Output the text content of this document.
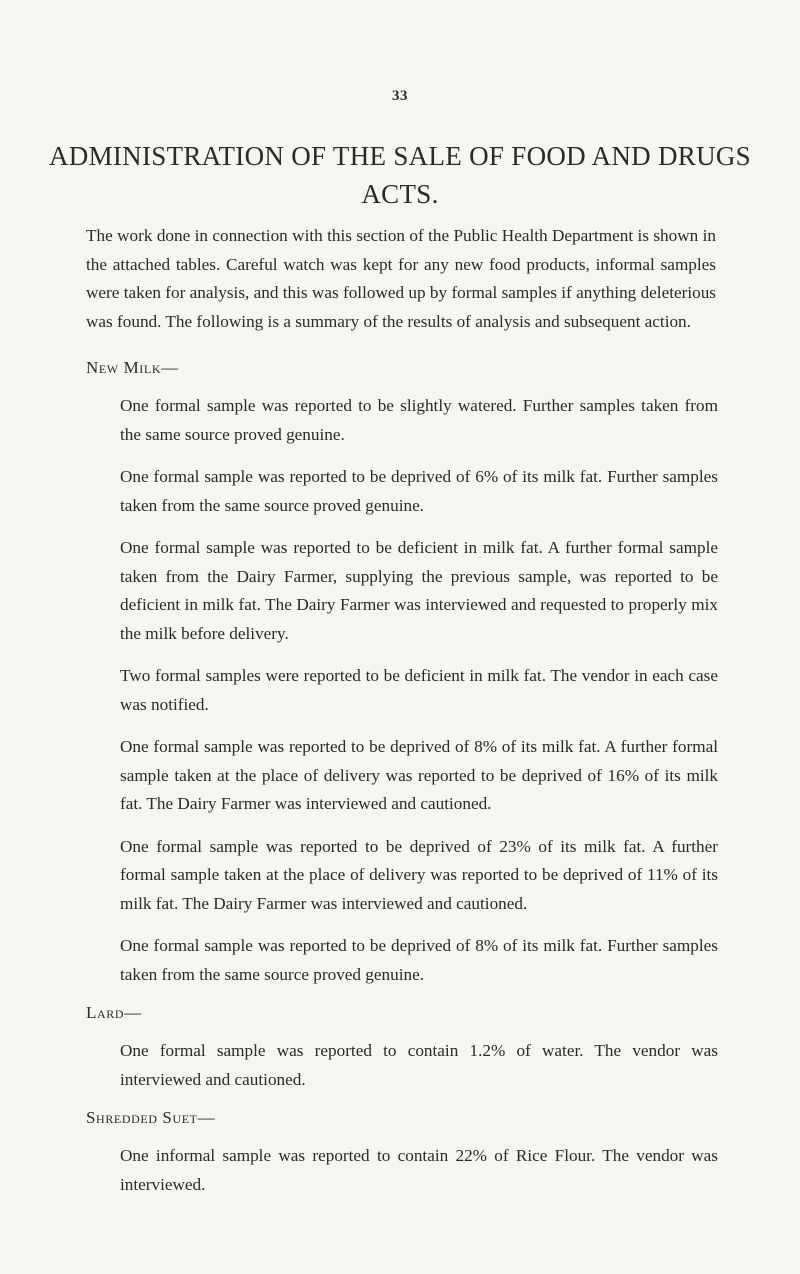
33
ADMINISTRATION OF THE SALE OF FOOD AND DRUGS ACTS.

The work done in connection with this section of the Public Health Department is shown in the attached tables. Careful watch was kept for any new food products, informal samples were taken for analysis, and this was followed up by formal samples if anything deleterious was found. The following is a summary of the results of analysis and subsequent action.

New Milk—

One formal sample was reported to be slightly watered. Further samples taken from the same source proved genuine.

One formal sample was reported to be deprived of 6% of its milk fat. Further samples taken from the same source proved genuine.

One formal sample was reported to be deficient in milk fat. A further formal sample taken from the Dairy Farmer, supplying the previous sample, was reported to be deficient in milk fat. The Dairy Farmer was interviewed and requested to properly mix the milk before delivery.

Two formal samples were reported to be deficient in milk fat. The vendor in each case was notified.

One formal sample was reported to be deprived of 8% of its milk fat. A further formal sample taken at the place of delivery was reported to be deprived of 16% of its milk fat. The Dairy Farmer was interviewed and cautioned.

One formal sample was reported to be deprived of 23% of its milk fat. A further formal sample taken at the place of delivery was reported to be deprived of 11% of its milk fat. The Dairy Farmer was interviewed and cautioned.

One formal sample was reported to be deprived of 8% of its milk fat. Further samples taken from the same source proved genuine.

Lard—

One formal sample was reported to contain 1.2% of water. The vendor was interviewed and cautioned.

Shredded Suet—

One informal sample was reported to contain 22% of Rice Flour. The vendor was interviewed.
